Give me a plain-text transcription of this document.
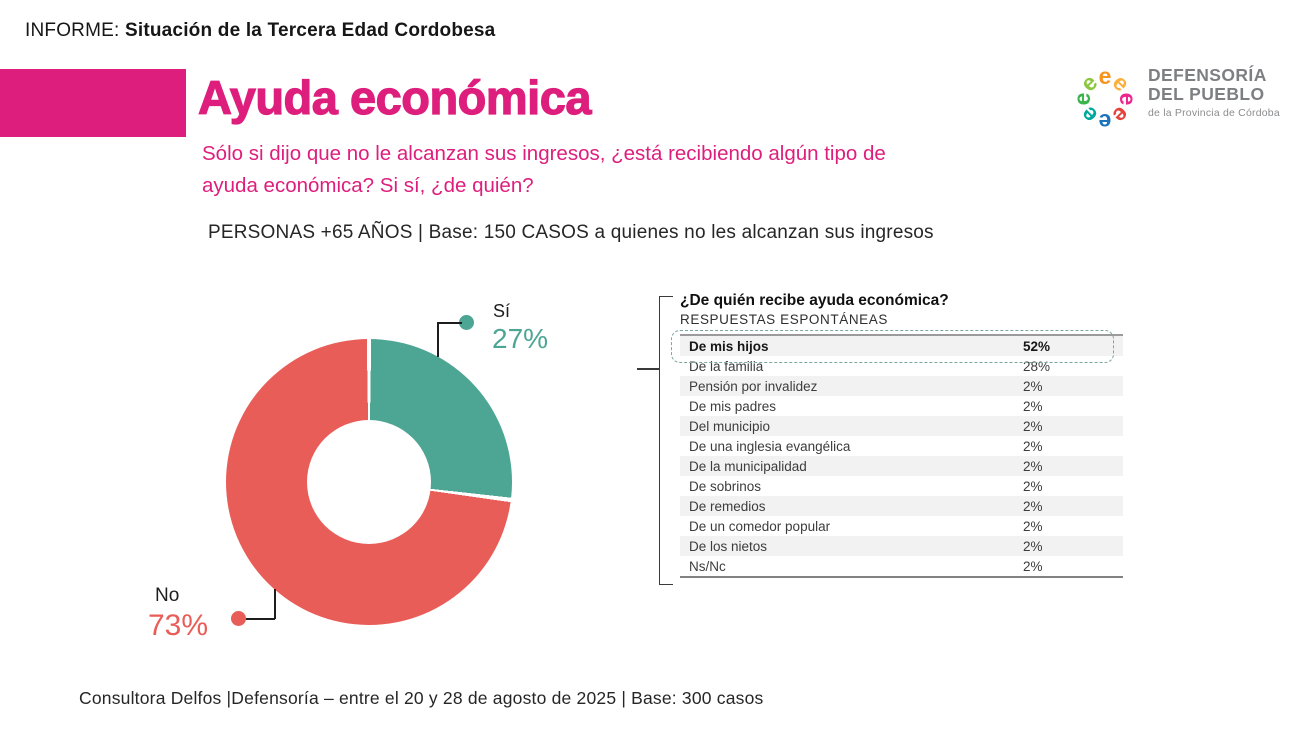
INFORME: Situación de la Tercera Edad Cordobesa
e
e
e
e
e
e
e
e	DEFENSORÍA
DEL PUEBLO
de la Provincia de Córdoba
Ayuda económica
Sólo si dijo que no le alcanzan sus ingresos, ¿está recibiendo algún tipo de
ayuda económica? Si sí, ¿de quién?
PERSONAS +65 AÑOS | Base: 150 CASOS a quienes no les alcanzan sus ingresos
Sí
27%
No
73%
¿De quién recibe ayuda económica?
RESPUESTAS ESPONTÁNEAS
De mis hijos	52%
De la familia	28%
Pensión por invalidez	2%
De mis padres	2%
Del municipio	2%
De una inglesia evangélica	2%
De la municipalidad	2%
De sobrinos	2%
De remedios	2%
De un comedor popular	2%
De los nietos	2%
Ns/Nc	2%
Consultora Delfos |Defensoría – entre el 20 y 28 de agosto de 2025 | Base: 300 casos
